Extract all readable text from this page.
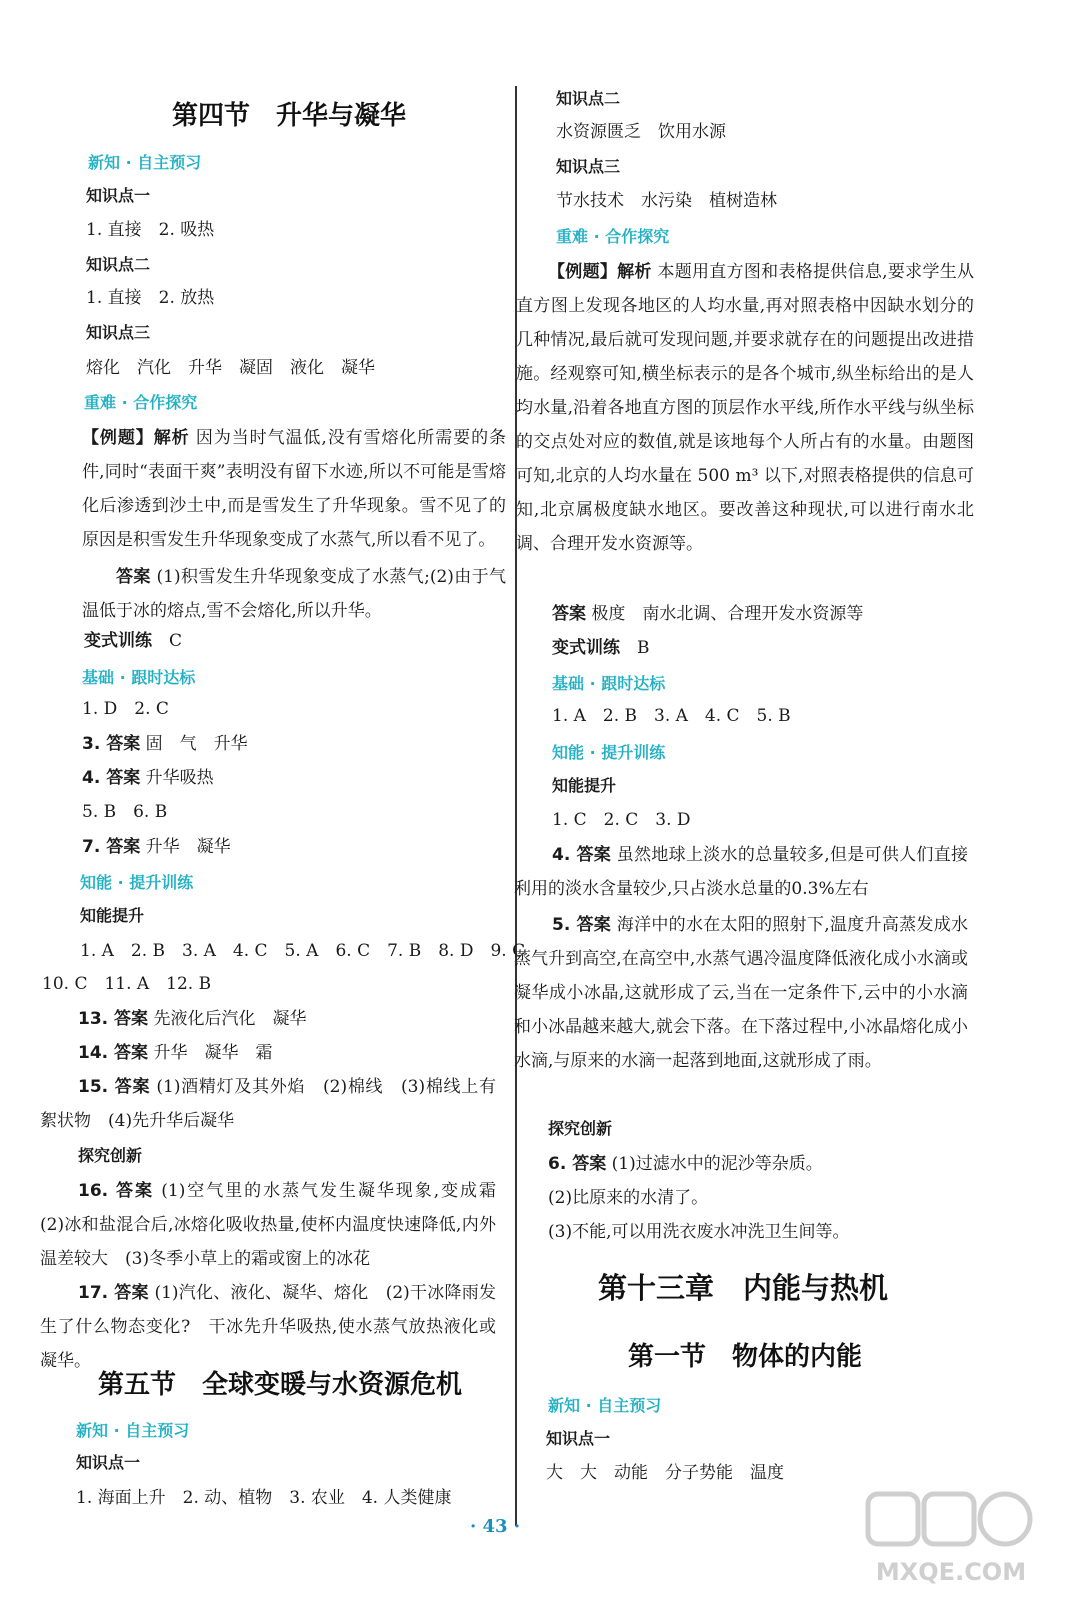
第四节　升华与凝华
新知 · 自主预习
知识点一
1. 直接　2. 吸热
知识点二
1. 直接　2. 放热
知识点三
熔化　汽化　升华　凝固　液化　凝华
重难 · 合作探究
【例题】解析 因为当时气温低,没有雪熔化所需要的条件,同时“表面干爽”表明没有留下水迹,所以不可能是雪熔化后渗透到沙土中,而是雪发生了升华现象。雪不见了的原因是积雪发生升华现象变成了水蒸气,所以看不见了。
答案 (1)积雪发生升华现象变成了水蒸气;(2)由于气温低于冰的熔点,雪不会熔化,所以升华。
变式训练　 C
基础 · 跟时达标
1. D　2. C
3. 答案 固　气　升华
4. 答案 升华吸热
5. B　6. B
7. 答案 升华　凝华
知能 · 提升训练
知能提升
1. A　2. B　3. A　4. C　5. A　6. C　7. B　8. D　9. C
10. C　11. A　12. B
13. 答案 先液化后汽化　凝华
14. 答案 升华　凝华　霜
15. 答案 (1)酒精灯及其外焰　(2)棉线　(3)棉线上有絮状物　(4)先升华后凝华
探究创新
16. 答案 (1)空气里的水蒸气发生凝华现象,变成霜　(2)冰和盐混合后,冰熔化吸收热量,使杯内温度快速降低,内外温差较大　(3)冬季小草上的霜或窗上的冰花
17. 答案 (1)汽化、液化、凝华、熔化　(2)干冰降雨发生了什么物态变化?　干冰先升华吸热,使水蒸气放热液化或凝华。
第五节　全球变暖与水资源危机
新知 · 自主预习
知识点一
1. 海面上升　2. 动、植物　3. 农业　4. 人类健康
知识点二
水资源匮乏　饮用水源
知识点三
节水技术　水污染　植树造林
重难 · 合作探究
【例题】解析 本题用直方图和表格提供信息,要求学生从直方图上发现各地区的人均水量,再对照表格中因缺水划分的几种情况,最后就可发现问题,并要求就存在的问题提出改进措施。经观察可知,横坐标表示的是各个城市,纵坐标给出的是人均水量,沿着各地直方图的顶层作水平线,所作水平线与纵坐标的交点处对应的数值,就是该地每个人所占有的水量。由题图可知,北京的人均水量在 500 m³ 以下,对照表格提供的信息可知,北京属极度缺水地区。要改善这种现状,可以进行南水北调、合理开发水资源等。
答案 极度　南水北调、合理开发水资源等
变式训练　 B
基础 · 跟时达标
1. A　2. B　3. A　4. C　5. B
知能 · 提升训练
知能提升
1. C　2. C　3. D
4. 答案 虽然地球上淡水的总量较多,但是可供人们直接利用的淡水含量较少,只占淡水总量的0.3%左右
5. 答案 海洋中的水在太阳的照射下,温度升高蒸发成水蒸气升到高空,在高空中,水蒸气遇冷温度降低液化成小水滴或凝华成小冰晶,这就形成了云,当在一定条件下,云中的小水滴和小冰晶越来越大,就会下落。在下落过程中,小冰晶熔化成小水滴,与原来的水滴一起落到地面,这就形成了雨。
探究创新
6. 答案 (1)过滤水中的泥沙等杂质。
(2)比原来的水清了。
(3)不能,可以用洗衣废水冲洗卫生间等。
第十三章　内能与热机
第一节　物体的内能
新知 · 自主预习
知识点一
大　大　动能　分子势能　温度
· 43 ·
MXQE.COM
